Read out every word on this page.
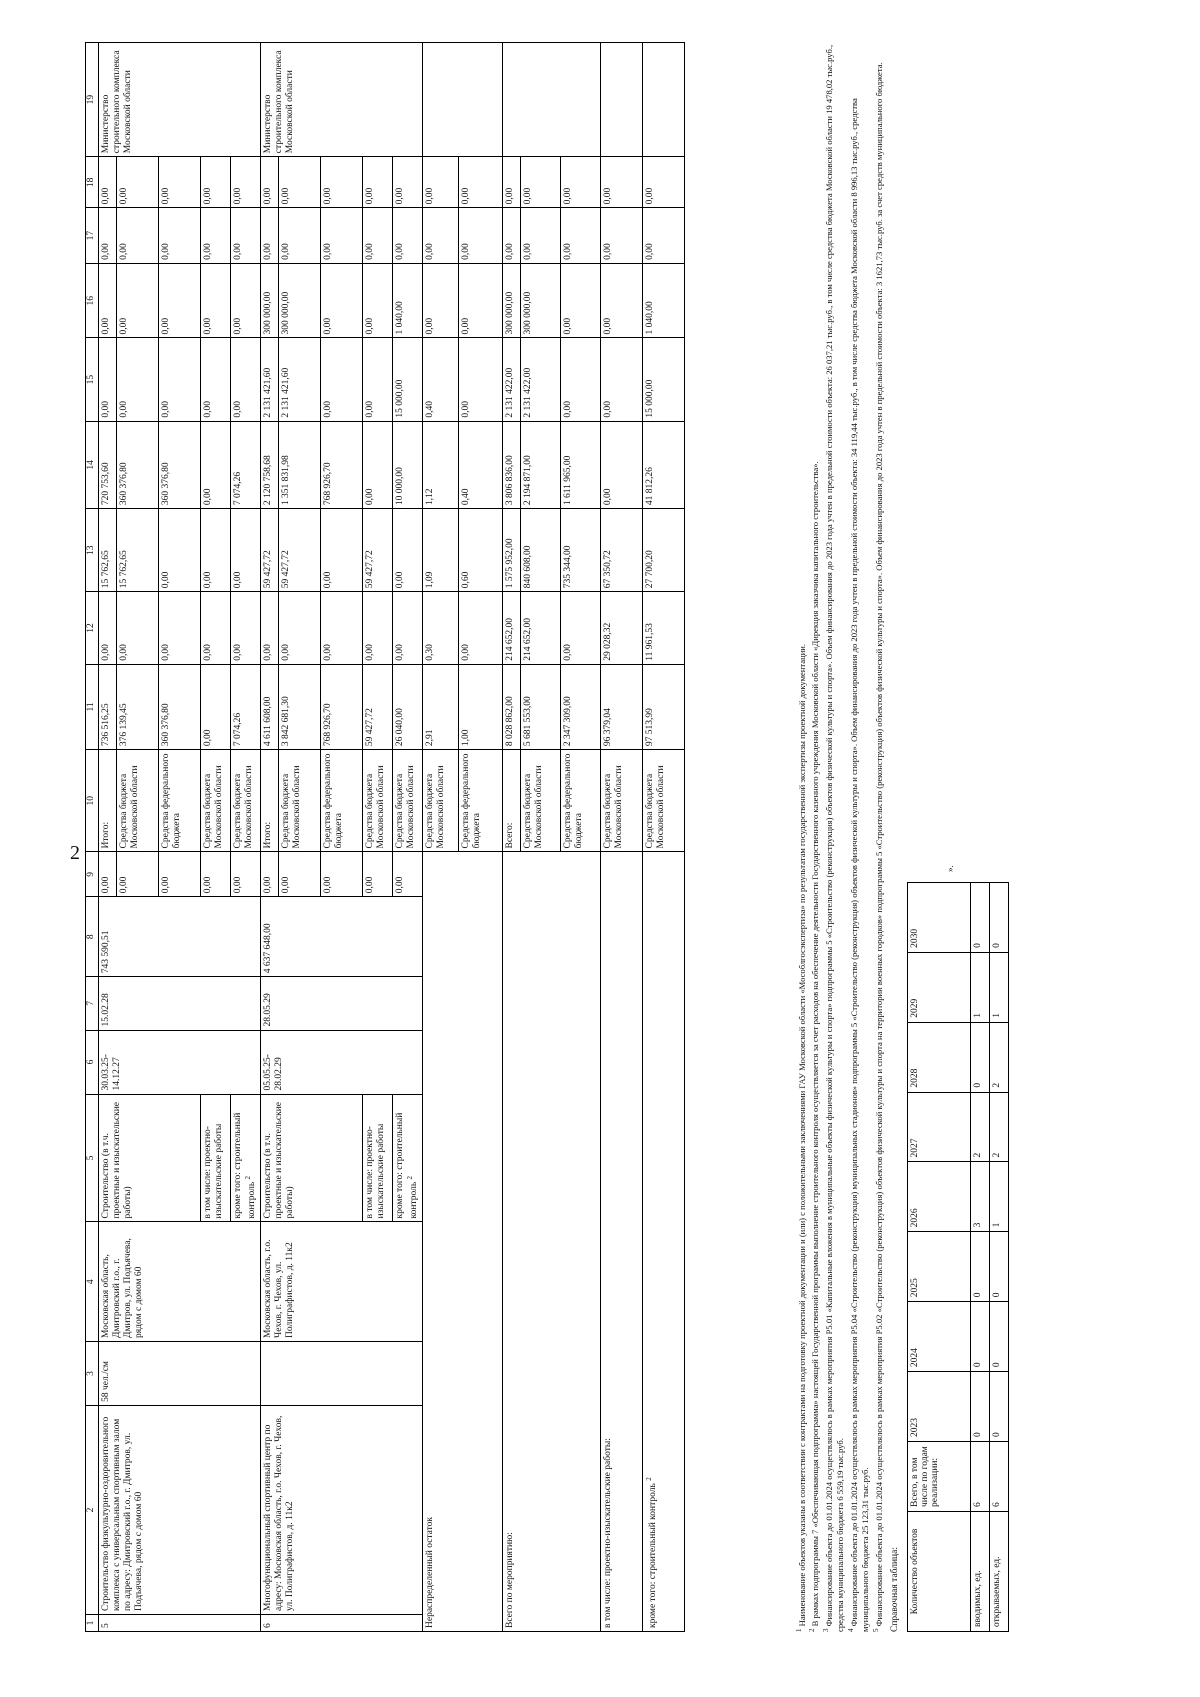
2
1	2	3	4	5	6	7	8	9	10	11	12	13	14	15	16	17	18	19
5	Строительство физкультурно-оздоровительного комплекса с универсальным спортивным залом по адресу: Дмитровский г.о., г. Дмитров, ул. Подъячева, рядом с домом 60	58 чел./см	Московская область, Дмитровский г.о., г. Дмитров, ул. Подъячева, рядом с домом 60	Строительство (в т.ч. проектные и изыскательские работы)	30.03.25-14.12.27	15.02.28	743 590,51	0,00	Итого:	736 516,25	0,00	15 762,65	720 753,60	0,00	0,00	0,00	0,00	Министерство строительного комплекса Московской области
								0,00	Средства бюджета Московской области	376 139,45	0,00	15 762,65	360 376,80	0,00	0,00	0,00	0,00	
								0,00	Средства федерального бюджета	360 376,80	0,00	0,00	360 376,80	0,00	0,00	0,00	0,00	
				в том числе: проектно-изыскательские работы				0,00	Средства бюджета Московской области	0,00	0,00	0,00	0,00	0,00	0,00	0,00	0,00	
				кроме того: строительный контроль $^2$				0,00	Средства бюджета Московской области	7 074,26	0,00	0,00	7 074,26	0,00	0,00	0,00	0,00	
6	Многофункциональный спортивный центр по адресу: Московская область, г.о. Чехов, г. Чехов, ул. Полиграфистов, д. 11к2		Московская область, г.о. Чехов, г. Чехов, ул. Полиграфистов, д. 11к2	Строительство (в т.ч. проектные и изыскательские работы)	05.05.25-28.02.29	28.05.29	4 637 648,00	0,00	Итого:	4 611 608,00	0,00	59 427,72	2 120 758,68	2 131 421,60	300 000,00	0,00	0,00	Министерство строительного комплекса Московской области
								0,00	Средства бюджета Московской области	3 842 681,30	0,00	59 427,72	1 351 831,98	2 131 421,60	300 000,00	0,00	0,00	
								0,00	Средства федерального бюджета	768 926,70	0,00	0,00	768 926,70	0,00	0,00	0,00	0,00	
				в том числе: проектно-изыскательские работы				0,00	Средства бюджета Московской области	59 427,72	0,00	59 427,72	0,00	0,00	0,00	0,00	0,00	
				кроме того: строительный контроль $^2$				0,00	Средства бюджета Московской области	26 040,00	0,00	0,00	10 000,00	15 000,00	1 040,00	0,00	0,00	
Нераспределенный остаток									Средства бюджета Московской области	2,91	0,30	1,09	1,12	0,40	0,00	0,00	0,00	
									Средства федерального бюджета	1,00	0,00	0,60	0,40	0,00	0,00	0,00	0,00	
Всего по мероприятию:									Всего:	8 028 862,00	214 652,00	1 575 952,00	3 806 836,00	2 131 422,00	300 000,00	0,00	0,00	
									Средства бюджета Московской области	5 681 553,00	214 652,00	840 608,00	2 194 871,00	2 131 422,00	300 000,00	0,00	0,00	
									Средства федерального бюджета	2 347 309,00	0,00	735 344,00	1 611 965,00	0,00	0,00	0,00	0,00	
в том числе: проектно-изыскательские работы:									Средства бюджета Московской области	96 379,04	29 028,32	67 350,72	0,00	0,00	0,00	0,00	0,00	
кроме того: строительный контроль $^2$									Средства бюджета Московской области	97 513,99	11 961,53	27 700,20	41 812,26	15 000,00	1 040,00	0,00	0,00	

$^1$ Наименование объектов указаны в соответствии с контрактами на подготовку проектной документации и (или) с положительными заключениями ГАУ Московской области «Мособлгосэкспертиза» по результатам государственной экспертизы проектной документации.

$^2$ В рамках подпрограммы 7 «Обеспечивающая подпрограмма» настоящей Государственной программы выполнение строительного контроля осуществляется за счет расходов на обеспечение деятельности Государственного казенного учреждения Московской области «Дирекция заказчика капитального строительства».

$^3$ Финансирование объекта до 01.01.2024 осуществлялось в рамках мероприятия P5.01 «Капитальные вложения в муниципальные объекты физической культуры и спорта» подпрограммы 5 «Строительство (реконструкция) объектов физической культуры и спорта». Объем финансирования до 2023 года учтен в предельной стоимости объекта: 26 037,21 тыс.руб., в том числе средства бюджета Московской области 19 478,02 тыс.руб., средства муниципального бюджета 6 559,19 тыс.руб. $^4$ Финансирование объекта до 01.01.2024 осуществлялось в рамках мероприятия P5.04 «Строительство (реконструкция) муниципальных стадионов» подпрограммы 5 «Строительство (реконструкция) объектов физической культуры и спорта». Объем финансирования до 2023 года учтен в предельной стоимости объекта: 34 119,44 тыс.руб., в том числе средства бюджета Московской области 8 996,13 тыс.руб., средства муниципального бюджета 25 123,31 тыс.руб. $^5$ Финансирование объекта до 01.01.2024 осуществлялось в рамках мероприятия P5.02 «Строительство (реконструкция) объектов физической культуры и спорта на территории военных городков» подпрограммы 5 «Строительство (реконструкция) объектов физической культуры и спорта». Объем финансирования до 2023 года учтен в предельной стоимости объекта: 3 1621,73 тыс.руб. за счет средств муниципального бюджета. Справочная таблица: Количество объектов	Всего, в том числе по годам реализации:	2023	2024	2025	2026	2027	2028	2029	2030
вводимых, ед.	6	0	0	0	3	2	0	1	0
открываемых, ед.	6	0	0	0	1	2	2	1	0
».
